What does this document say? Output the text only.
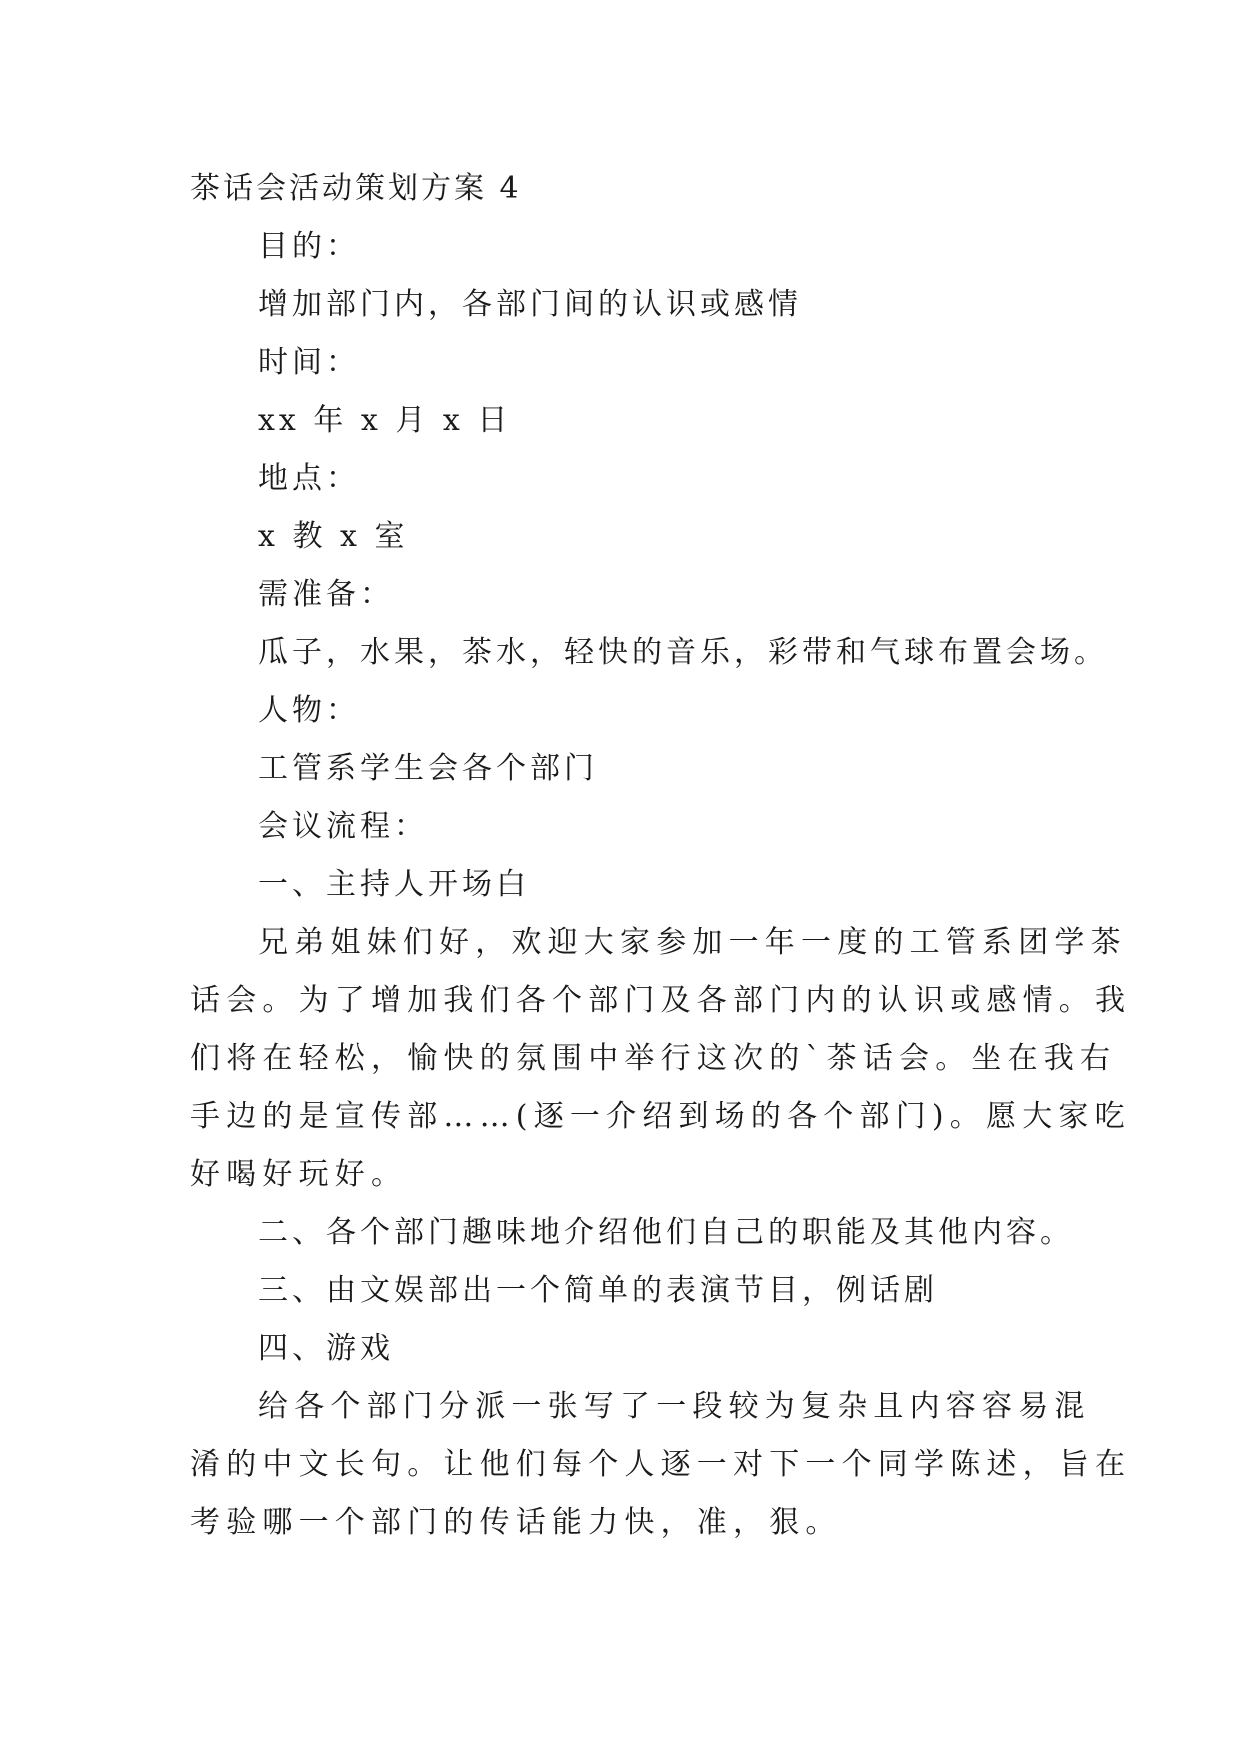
茶话会活动策划方案 4
目的：
增加部门内，各部门间的认识或感情
时间：
xx 年 x 月 x 日
地点：
x 教 x 室
需准备：
瓜子，水果，茶水，轻快的音乐，彩带和气球布置会场。
人物：
工管系学生会各个部门
会议流程：
一、主持人开场白
兄弟姐妹们好，欢迎大家参加一年一度的工管系团学茶
话会。为了增加我们各个部门及各部门内的认识或感情。我
们将在轻松，愉快的氛围中举行这次的`茶话会。坐在我右
手边的是宣传部……(逐一介绍到场的各个部门)。愿大家吃
好喝好玩好。
二、各个部门趣味地介绍他们自己的职能及其他内容。
三、由文娱部出一个简单的表演节目，例话剧
四、游戏
给各个部门分派一张写了一段较为复杂且内容容易混
淆的中文长句。让他们每个人逐一对下一个同学陈述，旨在
考验哪一个部门的传话能力快，准，狠。
